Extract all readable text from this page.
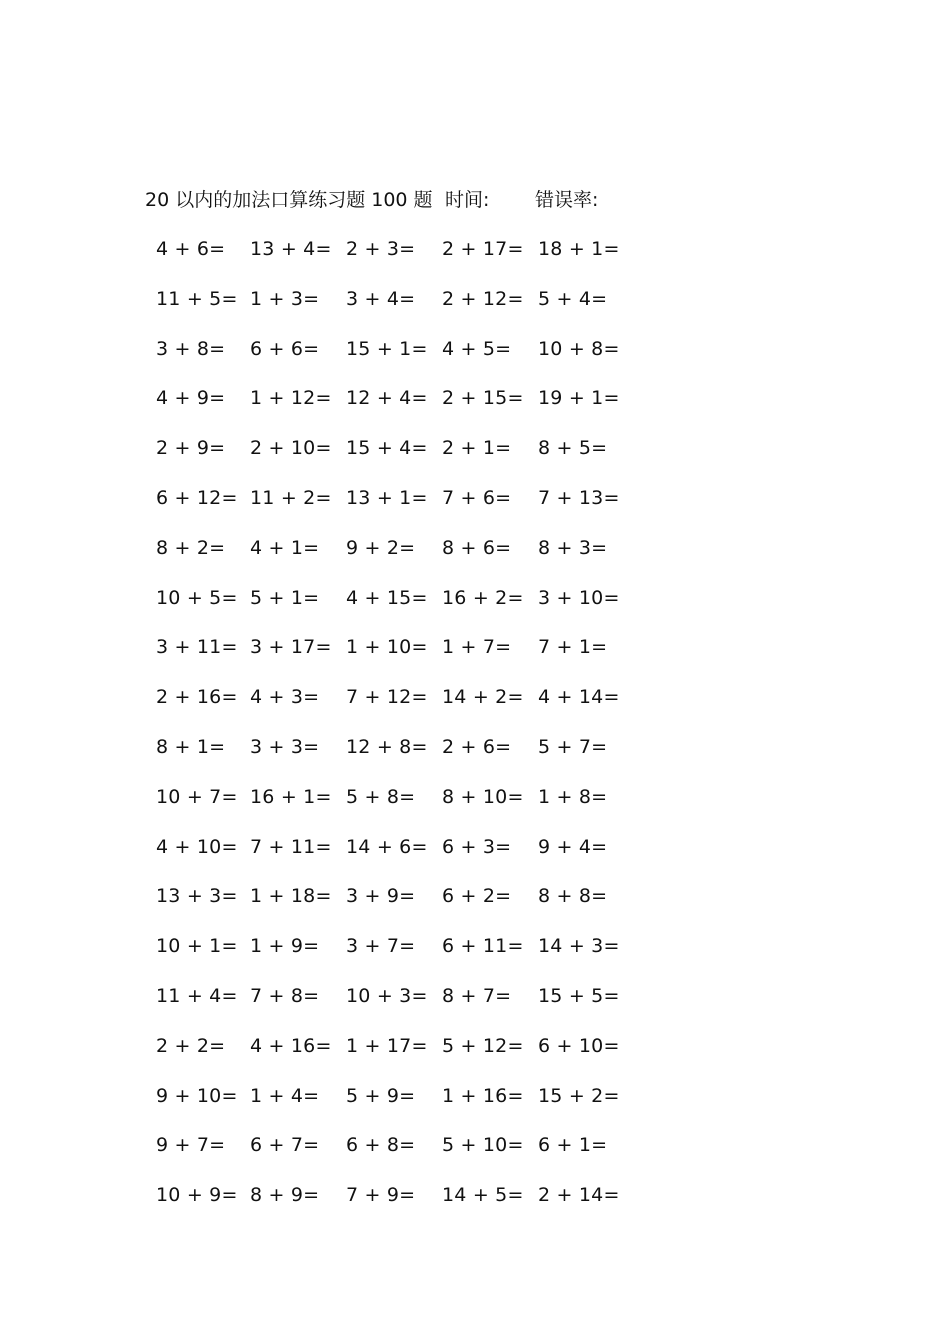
20 以内的加法口算练习题 100 题 时间: 错误率:
4 + 6= 13 + 4= 2 + 3= 2 + 17= 18 + 1=
11 + 5= 1 + 3= 3 + 4= 2 + 12= 5 + 4=
3 + 8= 6 + 6= 15 + 1= 4 + 5= 10 + 8=
4 + 9= 1 + 12= 12 + 4= 2 + 15= 19 + 1=
2 + 9= 2 + 10= 15 + 4= 2 + 1= 8 + 5=
6 + 12= 11 + 2= 13 + 1= 7 + 6= 7 + 13=
8 + 2= 4 + 1= 9 + 2= 8 + 6= 8 + 3=
10 + 5= 5 + 1= 4 + 15= 16 + 2= 3 + 10=
3 + 11= 3 + 17= 1 + 10= 1 + 7= 7 + 1=
2 + 16= 4 + 3= 7 + 12= 14 + 2= 4 + 14=
8 + 1= 3 + 3= 12 + 8= 2 + 6= 5 + 7=
10 + 7= 16 + 1= 5 + 8= 8 + 10= 1 + 8=
4 + 10= 7 + 11= 14 + 6= 6 + 3= 9 + 4=
13 + 3= 1 + 18= 3 + 9= 6 + 2= 8 + 8=
10 + 1= 1 + 9= 3 + 7= 6 + 11= 14 + 3=
11 + 4= 7 + 8= 10 + 3= 8 + 7= 15 + 5=
2 + 2= 4 + 16= 1 + 17= 5 + 12= 6 + 10=
9 + 10= 1 + 4= 5 + 9= 1 + 16= 15 + 2=
9 + 7= 6 + 7= 6 + 8= 5 + 10= 6 + 1=
10 + 9= 8 + 9= 7 + 9= 14 + 5= 2 + 14=
